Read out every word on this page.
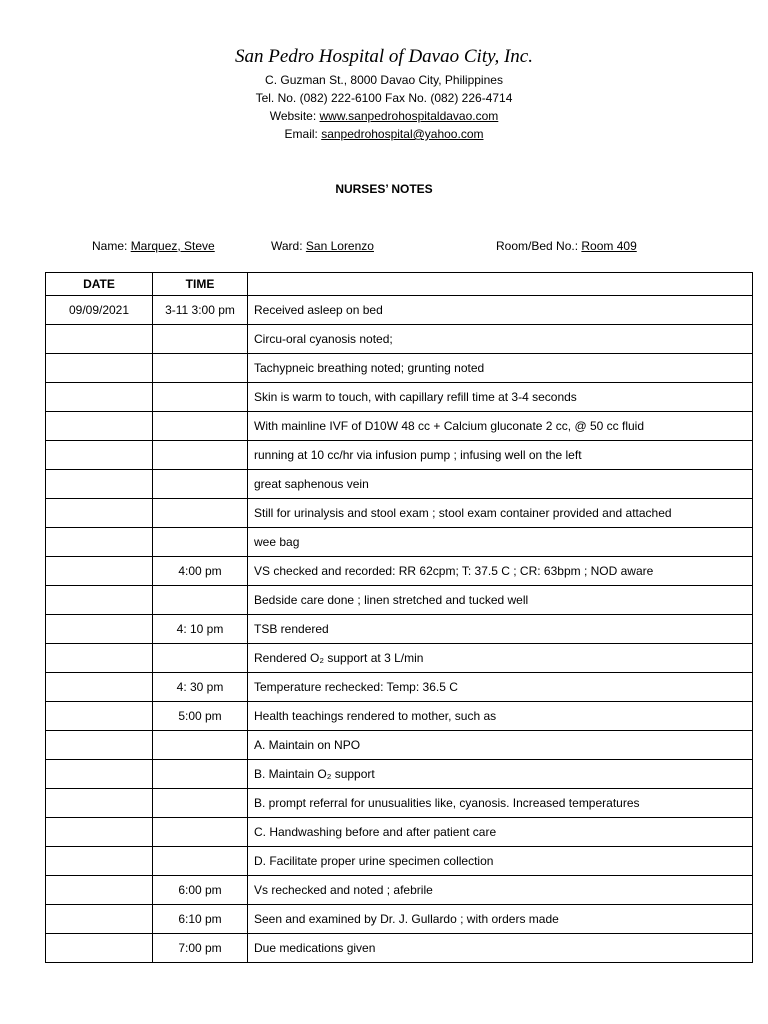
San Pedro Hospital of Davao City, Inc.
C. Guzman St., 8000 Davao City, Philippines
Tel. No. (082) 222-6100 Fax No. (082) 226-4714
Website: www.sanpedrohospitaldavao.com
Email: sanpedrohospital@yahoo.com
NURSES’ NOTES
Name: Marquez, Steve	Ward: San Lorenzo	Room/Bed No.: Room 409
DATE	TIME	
09/09/2021	3-11 3:00 pm	Received asleep on bed
		Circu-oral cyanosis noted;
		Tachypneic breathing noted; grunting noted
		Skin is warm to touch, with capillary refill time at 3-4 seconds
		With mainline IVF of D10W 48 cc + Calcium gluconate 2 cc, @ 50 cc fluid
		running at 10 cc/hr via infusion pump ; infusing well on the left
		great saphenous vein
		Still for urinalysis and stool exam ; stool exam container provided and attached
		wee bag
	4:00 pm	VS checked and recorded: RR 62cpm; T: 37.5 C ; CR: 63bpm ; NOD aware
		Bedside care done ; linen stretched and tucked well
	4: 10 pm	TSB rendered
		Rendered O₂ support at 3 L/min
	4: 30 pm	Temperature rechecked: Temp: 36.5 C
	5:00 pm	Health teachings rendered to mother, such as
		A. Maintain on NPO
		B. Maintain O₂ support
		B. prompt referral for unusualities like, cyanosis. Increased temperatures
		C. Handwashing before and after patient care
		D. Facilitate proper urine specimen collection
	6:00 pm	Vs rechecked and noted ; afebrile
	6:10 pm	Seen and examined by Dr. J. Gullardo ; with orders made
	7:00 pm	Due medications given
